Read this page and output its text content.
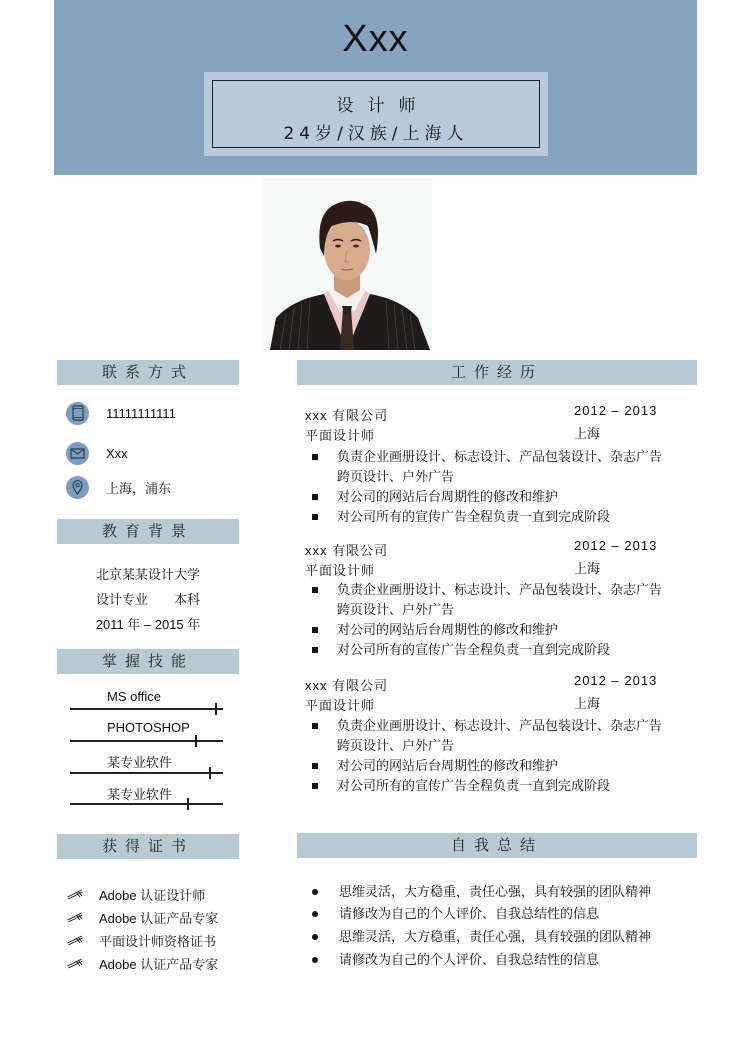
Xxx
设计师
24岁/汉族/上海人
联系方式
11111111111
Xxx
上海，浦东
教育背景
北京某某设计大学
设计专业　　本科
2011 年 – 2015 年
掌握技能
MS office
PHOTOSHOP
某专业软件
某专业软件
获得证书
Adobe 认证设计师
Adobe 认证产品专家
平面设计师资格证书
Adobe 认证产品专家
工作经历
xxx 有限公司	2012 – 2013
平面设计师	上海
负责企业画册设计、标志设计、产品包装设计、杂志广告跨页设计、户外广告
对公司的网站后台周期性的修改和维护
对公司所有的宣传广告全程负责一直到完成阶段
xxx 有限公司	2012 – 2013
平面设计师	上海
负责企业画册设计、标志设计、产品包装设计、杂志广告跨页设计、户外广告
对公司的网站后台周期性的修改和维护
对公司所有的宣传广告全程负责一直到完成阶段
xxx 有限公司	2012 – 2013
平面设计师	上海
负责企业画册设计、标志设计、产品包装设计、杂志广告跨页设计、户外广告
对公司的网站后台周期性的修改和维护
对公司所有的宣传广告全程负责一直到完成阶段
自我总结
思维灵活，大方稳重，责任心强，具有较强的团队精神
请修改为自己的个人评价、自我总结性的信息
思维灵活，大方稳重，责任心强，具有较强的团队精神
请修改为自己的个人评价、自我总结性的信息
